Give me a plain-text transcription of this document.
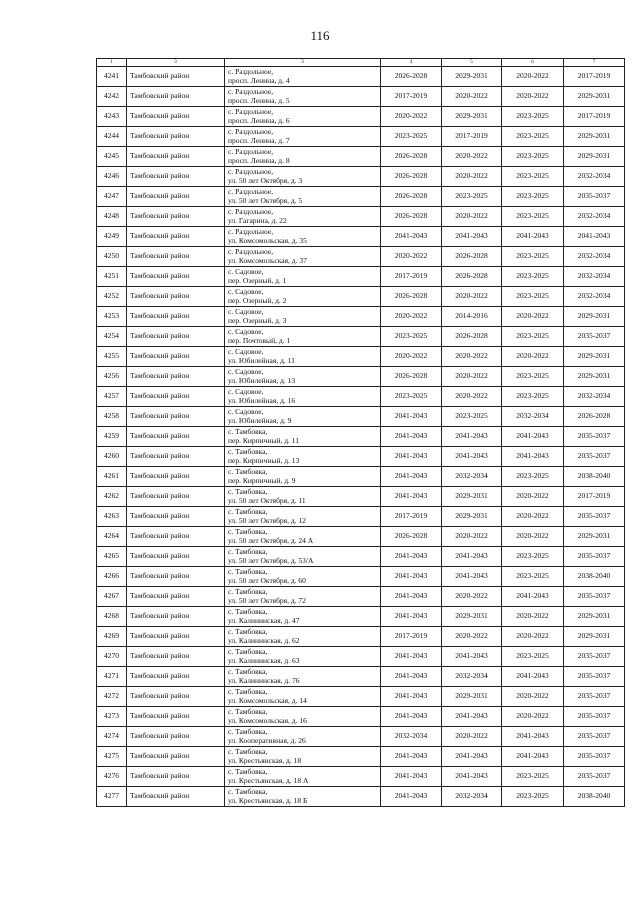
116
1	3	3	4	5	6	7
4241	Тамбовский район	с. Раздольное,
просп. Ленина, д. 4	2026-2028	2029-2031	2020-2022	2017-2019
4242	Тамбовский район	с. Раздольное,
просп. Ленина, д. 5	2017-2019	2020-2022	2020-2022	2029-2031
4243	Тамбовский район	с. Раздольное,
просп. Ленина, д. 6	2020-2022	2029-2031	2023-2025	2017-2019
4244	Тамбовский район	с. Раздольное,
просп. Ленина, д. 7	2023-2025	2017-2019	2023-2025	2029-2031
4245	Тамбовский район	с. Раздольное,
просп. Ленина, д. 8	2026-2028	2020-2022	2023-2025	2029-2031
4246	Тамбовский район	с. Раздольное,
ул. 50 лет Октября, д. 3	2026-2028	2020-2022	2023-2025	2032-2034
4247	Тамбовский район	с. Раздольное,
ул. 50 лет Октября, д. 5	2026-2028	2023-2025	2023-2025	2035-2037
4248	Тамбовский район	с. Раздольное,
ул. Гагарина, д. 22	2026-2028	2020-2022	2023-2025	2032-2034
4249	Тамбовский район	с. Раздольное,
ул. Комсомольская, д. 35	2041-2043	2041-2043	2041-2043	2041-2043
4250	Тамбовский район	с. Раздольное,
ул. Комсомольская, д. 37	2020-2022	2026-2028	2023-2025	2032-2034
4251	Тамбовский район	с. Садовое,
пер. Озерный, д. 1	2017-2019	2026-2028	2023-2025	2032-2034
4252	Тамбовский район	с. Садовое,
пер. Озерный, д. 2	2026-2028	2020-2022	2023-2025	2032-2034
4253	Тамбовский район	с. Садовое,
пер. Озерный, д. 3	2020-2022	2014-2016	2020-2022	2029-2031
4254	Тамбовский район	с. Садовое,
пер. Почтовый, д. 1	2023-2025	2026-2028	2023-2025	2035-2037
4255	Тамбовский район	с. Садовое,
ул. Юбилейная, д. 11	2020-2022	2020-2022	2020-2022	2029-2031
4256	Тамбовский район	с. Садовое,
ул. Юбилейная, д. 13	2026-2028	2020-2022	2023-2025	2029-2031
4257	Тамбовский район	с. Садовое,
ул. Юбилейная, д. 16	2023-2025	2020-2022	2023-2025	2032-2034
4258	Тамбовский район	с. Садовое,
ул. Юбилейная, д. 9	2041-2043	2023-2025	2032-2034	2026-2028
4259	Тамбовский район	с. Тамбовка,
пер. Кирпичный, д. 11	2041-2043	2041-2043	2041-2043	2035-2037
4260	Тамбовский район	с. Тамбовка,
пер. Кирпичный, д. 13	2041-2043	2041-2043	2041-2043	2035-2037
4261	Тамбовский район	с. Тамбовка,
пер. Кирпичный, д. 9	2041-2043	2032-2034	2023-2025	2038-2040
4262	Тамбовский район	с. Тамбовка,
ул. 50 лет Октября, д. 11	2041-2043	2029-2031	2020-2022	2017-2019
4263	Тамбовский район	с. Тамбовка,
ул. 50 лет Октября, д. 12	2017-2019	2029-2031	2020-2022	2035-2037
4264	Тамбовский район	с. Тамбовка,
ул. 50 лет Октября, д. 24 А	2026-2028	2020-2022	2020-2022	2029-2031
4265	Тамбовский район	с. Тамбовка,
ул. 50 лет Октября, д. 53/А	2041-2043	2041-2043	2023-2025	2035-2037
4266	Тамбовский район	с. Тамбовка,
ул. 50 лет Октября, д. 60	2041-2043	2041-2043	2023-2025	2038-2040
4267	Тамбовский район	с. Тамбовка,
ул. 50 лет Октября, д. 72	2041-2043	2020-2022	2041-2043	2035-2037
4268	Тамбовский район	с. Тамбовка,
ул. Калининская, д. 47	2041-2043	2029-2031	2020-2022	2029-2031
4269	Тамбовский район	с. Тамбовка,
ул. Калининская, д. 62	2017-2019	2020-2022	2020-2022	2029-2031
4270	Тамбовский район	с. Тамбовка,
ул. Калининская, д. 63	2041-2043	2041-2043	2023-2025	2035-2037
4271	Тамбовский район	с. Тамбовка,
ул. Калининская, д. 76	2041-2043	2032-2034	2041-2043	2035-2037
4272	Тамбовский район	с. Тамбовка,
ул. Комсомольская, д. 14	2041-2043	2029-2031	2020-2022	2035-2037
4273	Тамбовский район	с. Тамбовка,
ул. Комсомольская, д. 16	2041-2043	2041-2043	2020-2022	2035-2037
4274	Тамбовский район	с. Тамбовка,
ул. Кооперативная, д. 26	2032-2034	2020-2022	2041-2043	2035-2037
4275	Тамбовский район	с. Тамбовка,
ул. Крестьянская, д. 18	2041-2043	2041-2043	2041-2043	2035-2037
4276	Тамбовский район	с. Тамбовка,
ул. Крестьянская, д. 18 А	2041-2043	2041-2043	2023-2025	2035-2037
4277	Тамбовский район	с. Тамбовка,
ул. Крестьянская, д. 18 Б	2041-2043	2032-2034	2023-2025	2038-2040
